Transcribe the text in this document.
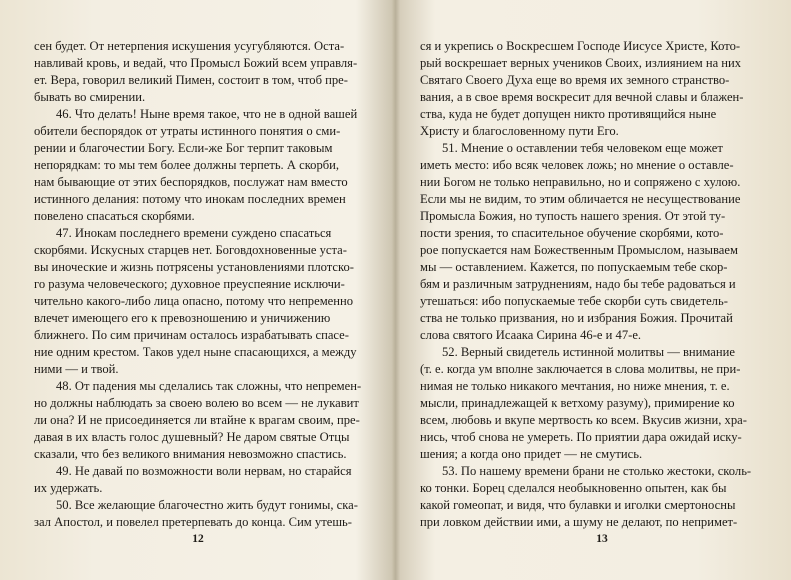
сен будет. От нетерпения искушения усугубляются. Оста-
навливай кровь, и ведай, что Промысл Божий всем управля-
ет. Вера, говорил великий Пимен, состоит в том, чтоб пре-
бывать во смирении.
46. Что делать! Ныне время такое, что не в одной вашей
обители беспорядок от утраты истинного понятия о сми-
рении и благочестии Богу. Если-же Бог терпит таковым
непорядкам: то мы тем более должны терпеть. А скорби,
нам бывающие от этих беспорядков, послужат нам вместо
истинного делания: потому что инокам последних времен
повелено спасаться скорбями.
47. Инокам последнего времени суждено спасаться
скорбями. Искусных старцев нет. Боговдохновенные уста-
вы иноческие и жизнь потрясены установлениями плотско-
го разума человеческого; духовное преуспеяние исключи-
чительно какого-либо лица опасно, потому что непременно
влечет имеющего его к превозношению и уничижению
ближнего. По сим причинам осталось израбатывать спасе-
ние одним крестом. Таков удел ныне спасающихся, а между
ними — и твой.
48. От падения мы сделались так сложны, что непремен-
но должны наблюдать за своею волею во всем — не лукавит
ли она? И не присоединяется ли втайне к врагам своим, пре-
давая в их власть голос душевный? Не даром святые Отцы
сказали, что без великого внимания невозможно спастись.
49. Не давай по возможности воли нервам, но старайся
их удержать.
50. Все желающие благочестно жить будут гонимы, ска-
зал Апостол, и повелел претерпевать до конца. Сим утешь-
12
ся и укрепись о Воскресшем Господе Иисусе Христе, Кото-
рый воскрешает верных учеников Своих, излиянием на них
Святаго Своего Духа еще во время их земного странство-
вания, а в свое время воскресит для вечной славы и блажен-
ства, куда не будет допущен никто противящийся ныне
Христу и благословенному пути Его.
51. Мнение о оставлении тебя человеком еще может
иметь место: ибо всяк человек ложь; но мнение о оставле-
нии Богом не только неправильно, но и сопряжено с хулою.
Если мы не видим, то этим обличается не несуществование
Промысла Божия, но тупость нашего зрения. От этой ту-
пости зрения, то спасительное обучение скорбями, кото-
рое попускается нам Божественным Промыслом, называем
мы — оставлением. Кажется, по попускаемым тебе скор-
бям и различным затруднениям, надо бы тебе радоваться и
утешаться: ибо попускаемые тебе скорби суть свидетель-
ства не только призвания, но и избрания Божия. Прочитай
слова святого Исаака Сирина 46-е и 47-е.
52. Верный свидетель истинной молитвы — внимание
(т. е. когда ум вполне заключается в слова молитвы, не при-
нимая не только никакого мечтания, но ниже мнения, т. е.
мысли, принадлежащей к ветхому разуму), примирение ко
всем, любовь и вкупе мертвость ко всем. Вкусив жизни, хра-
нись, чтоб снова не умереть. По приятии дара ожидай иску-
шения; а когда оно придет — не смутись.
53. По нашему времени брани не столько жестоки, сколь-
ко тонки. Борец сделался необыкновенно опытен, как бы
какой гомеопат, и видя, что булавки и иголки смертоносны
при ловком действии ими, а шуму не делают, по непримет-
13
